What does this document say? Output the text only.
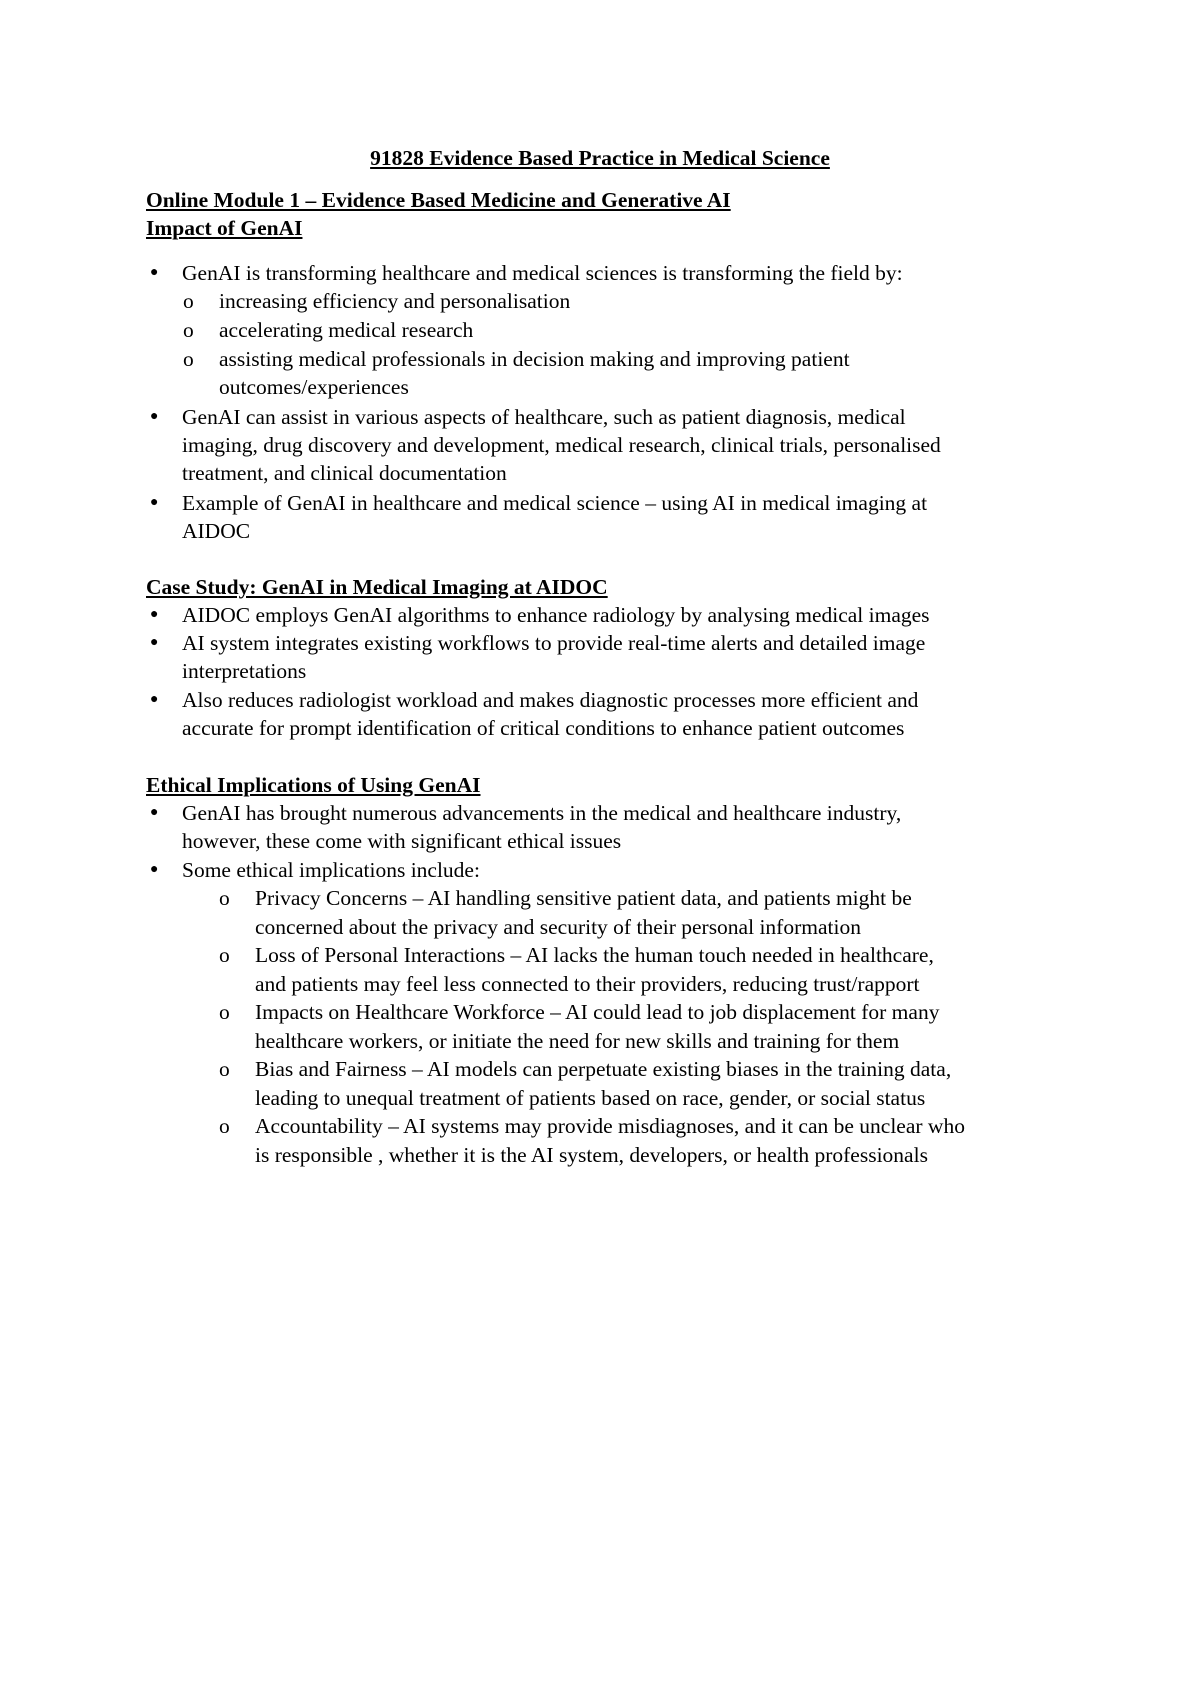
91828 Evidence Based Practice in Medical Science
Online Module 1 – Evidence Based Medicine and Generative AI
Impact of GenAI
● GenAI is transforming healthcare and medical sciences is transforming the field by:
o increasing efficiency and personalisation
o accelerating medical research
o assisting medical professionals in decision making and improving patient
outcomes/experiences
● GenAI can assist in various aspects of healthcare, such as patient diagnosis, medical
imaging, drug discovery and development, medical research, clinical trials, personalised
treatment, and clinical documentation
● Example of GenAI in healthcare and medical science – using AI in medical imaging at
AIDOC
Case Study: GenAI in Medical Imaging at AIDOC
● AIDOC employs GenAI algorithms to enhance radiology by analysing medical images
● AI system integrates existing workflows to provide real-time alerts and detailed image
interpretations
● Also reduces radiologist workload and makes diagnostic processes more efficient and
accurate for prompt identification of critical conditions to enhance patient outcomes
Ethical Implications of Using GenAI
● GenAI has brought numerous advancements in the medical and healthcare industry,
however, these come with significant ethical issues
● Some ethical implications include:
o Privacy Concerns – AI handling sensitive patient data, and patients might be
concerned about the privacy and security of their personal information
o Loss of Personal Interactions – AI lacks the human touch needed in healthcare,
and patients may feel less connected to their providers, reducing trust/rapport
o Impacts on Healthcare Workforce – AI could lead to job displacement for many
healthcare workers, or initiate the need for new skills and training for them
o Bias and Fairness – AI models can perpetuate existing biases in the training data,
leading to unequal treatment of patients based on race, gender, or social status
o Accountability – AI systems may provide misdiagnoses, and it can be unclear who
is responsible , whether it is the AI system, developers, or health professionals
